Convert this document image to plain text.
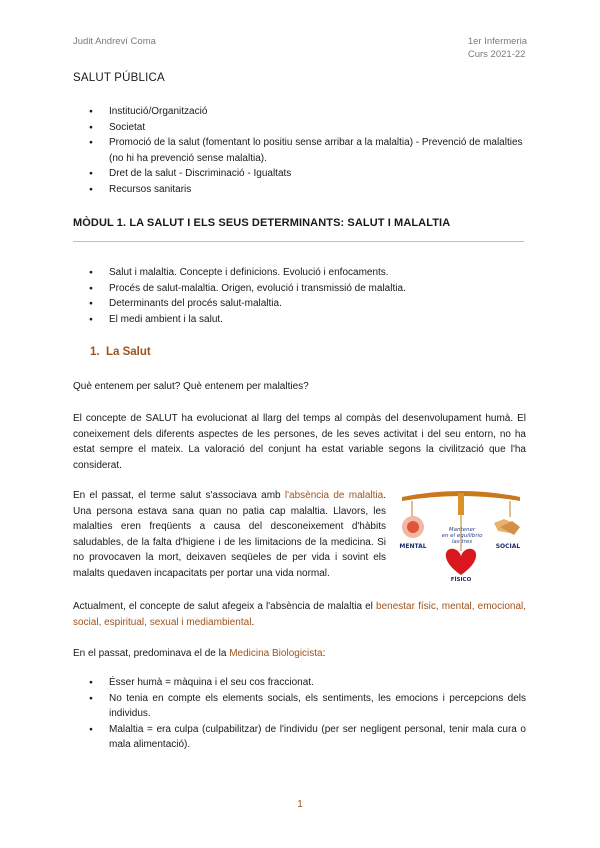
Judit Andreví Coma	1er Infermeria
Curs 2021-22
SALUT PÚBLICA
● Institució/Organització
● Societat
● Promoció de la salut (fomentant lo positiu sense arribar a la malaltia) - Prevenció de malalties (no hi ha prevenció sense malaltia).
● Dret de la salut - Discriminació - Igualtats
● Recursos sanitaris
MÒDUL 1. LA SALUT I ELS SEUS DETERMINANTS: SALUT I MALALTIA
● Salut i malaltia. Concepte i definicions. Evolució i enfocaments.
● Procés de salut-malaltia. Origen, evolució i transmissió de malaltia.
● Determinants del procés salut-malaltia.
● El medi ambient i la salut.
1. La Salut
Què entenem per salut? Què entenem per malalties?

El concepte de SALUT ha evolucionat al llarg del temps al compàs del desenvolupament humà. El coneixement dels diferents aspectes de les persones, de les seves activitat i del seu entorn, no ha estat sempre el mateix. La valoració del conjunt ha estat variable segons la civilització que l'ha considerat.

En el passat, el terme salut s'associava amb l'absència de malaltia. Una persona estava sana quan no patia cap malaltia. Llavors, les malalties eren freqüents a causa del desconeixement d'hàbits saludables, de la falta d'higiene i de les limitacions de la medicina. Si no provocaven la mort, deixaven seqüeles de per vida i sovint els malalts quedaven incapacitats per portar una vida normal.

Mantener
en el equilibrio
las tres
MENTAL	SOCIAL
FÍSICO

Actualment, el concepte de salut afegeix a l'absència de malaltia el benestar físic, mental, emocional, social, espiritual, sexual i mediambiental.

En el passat, predominava el de la Medicina Biologicista:

● Ésser humà = màquina i el seu cos fraccionat.
● No tenia en compte els elements socials, els sentiments, les emocions i percepcions dels individus.
● Malaltia = era culpa (culpabilitzar) de l'individu (per ser negligent personal, tenir mala cura o mala alimentació).
1
